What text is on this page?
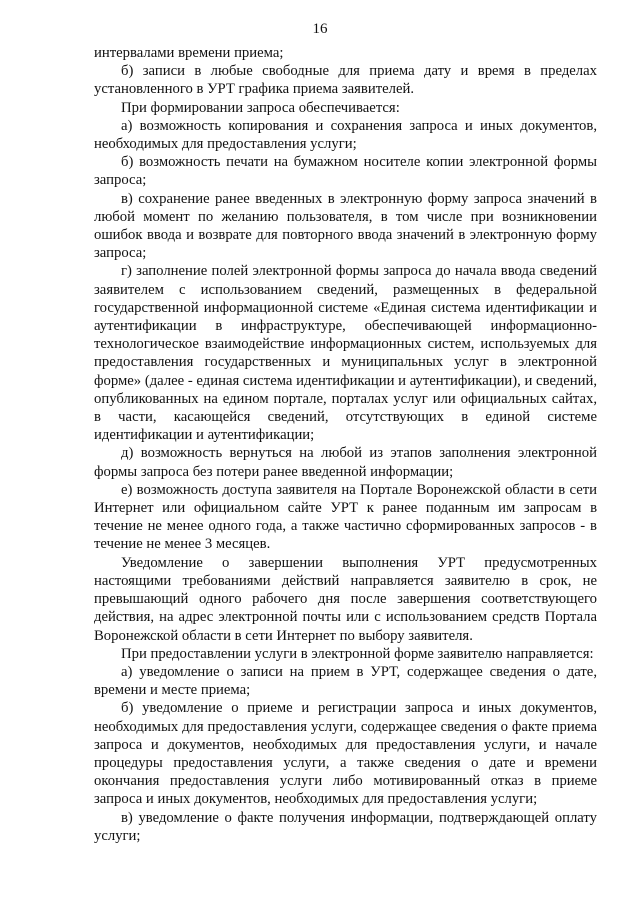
16

интервалами времени приема;

б) записи в любые свободные для приема дату и время в пределах установленного в УРТ графика приема заявителей.

При формировании запроса обеспечивается:

а) возможность копирования и сохранения запроса и иных документов, необходимых для предоставления услуги;

б) возможность печати на бумажном носителе копии электронной формы запроса;

в) сохранение ранее введенных в электронную форму запроса значений в любой момент по желанию пользователя, в том числе при возникновении ошибок ввода и возврате для повторного ввода значений в электронную форму запроса;

г) заполнение полей электронной формы запроса до начала ввода сведений заявителем с использованием сведений, размещенных в федеральной государственной информационной системе «Единая система идентификации и аутентификации в инфраструктуре, обеспечивающей информационно-технологическое взаимодействие информационных систем, используемых для предоставления государственных и муниципальных услуг в электронной форме» (далее - единая система идентификации и аутентификации), и сведений, опубликованных на едином портале, порталах услуг или официальных сайтах, в части, касающейся сведений, отсутствующих в единой системе идентификации и аутентификации;

д) возможность вернуться на любой из этапов заполнения электронной формы запроса без потери ранее введенной информации;

е) возможность доступа заявителя на Портале Воронежской области в сети Интернет или официальном сайте УРТ к ранее поданным им запросам в течение не менее одного года, а также частично сформированных запросов - в течение не менее 3 месяцев.

Уведомление о завершении выполнения УРТ предусмотренных настоящими требованиями действий направляется заявителю в срок, не превышающий одного рабочего дня после завершения соответствующего действия, на адрес электронной почты или с использованием средств Портала Воронежской области в сети Интернет по выбору заявителя.

При предоставлении услуги в электронной форме заявителю направляется:

а) уведомление о записи на прием в УРТ, содержащее сведения о дате, времени и месте приема;

б) уведомление о приеме и регистрации запроса и иных документов, необходимых для предоставления услуги, содержащее сведения о факте приема запроса и документов, необходимых для предоставления услуги, и начале процедуры предоставления услуги, а также сведения о дате и времени окончания предоставления услуги либо мотивированный отказ в приеме запроса и иных документов, необходимых для предоставления услуги;

в) уведомление о факте получения информации, подтверждающей оплату услуги;
